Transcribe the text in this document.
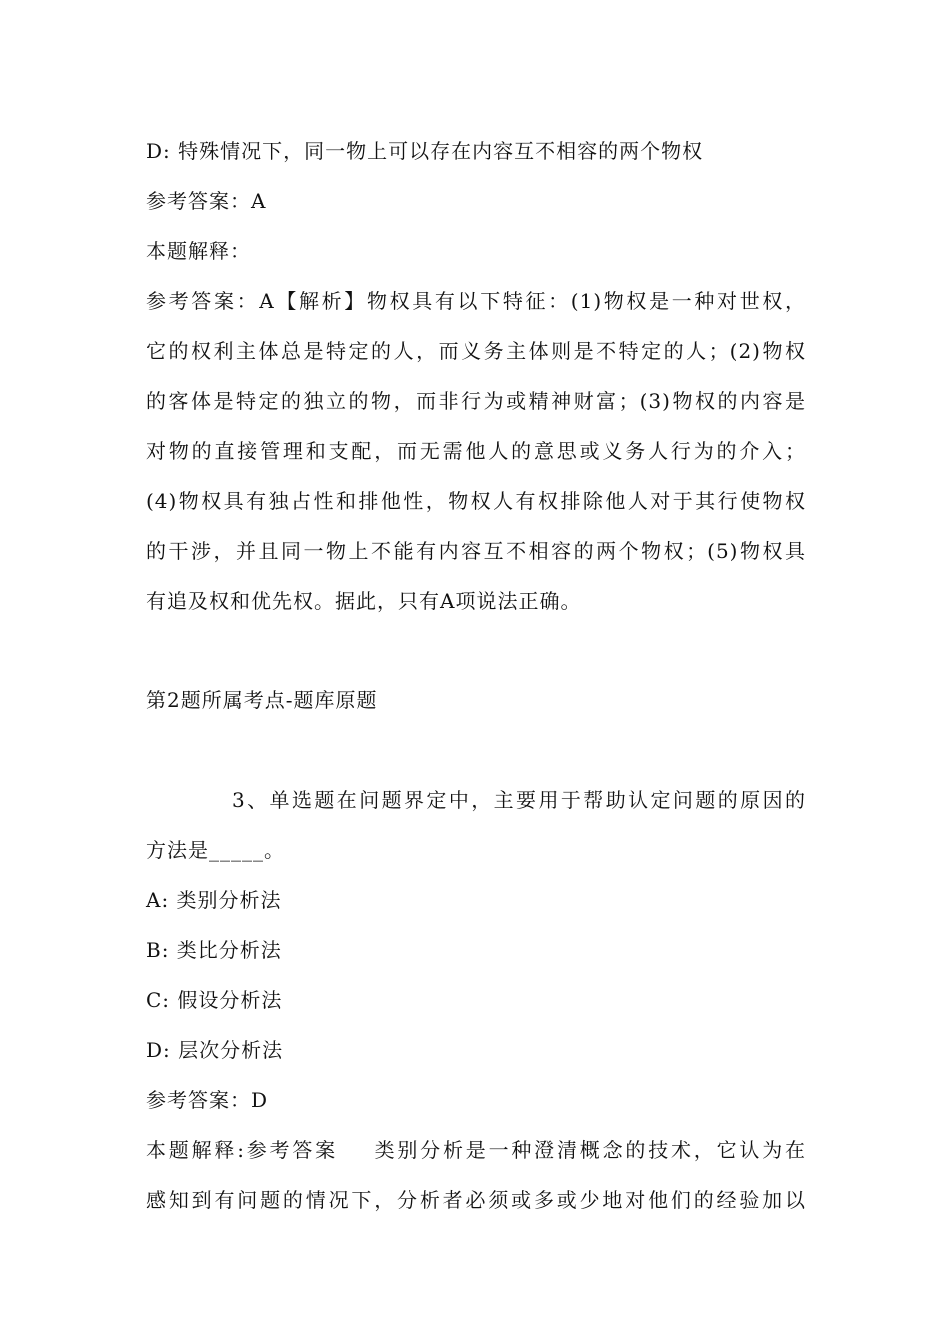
D: 特殊情况下，同一物上可以存在内容互不相容的两个物权
参考答案：A
本题解释：
参考答案：A【解析】物权具有以下特征：(1)物权是一种对世权，
它的权利主体总是特定的人，而义务主体则是不特定的人；(2)物权
的客体是特定的独立的物，而非行为或精神财富；(3)物权的内容是
对物的直接管理和支配，而无需他人的意思或义务人行为的介入；
(4)物权具有独占性和排他性，物权人有权排除他人对于其行使物权
的干涉，并且同一物上不能有内容互不相容的两个物权；(5)物权具
有追及权和优先权。据此，只有A项说法正确。
第2题所属考点-题库原题
3、单选题在问题界定中，主要用于帮助认定问题的原因的
方法是_____。
A: 类别分析法
B: 类比分析法
C: 假设分析法
D: 层次分析法
参考答案：D
本题解释:参考答案    类别分析是一种澄清概念的技术，它认为在
感知到有问题的情况下，分析者必须或多或少地对他们的经验加以
